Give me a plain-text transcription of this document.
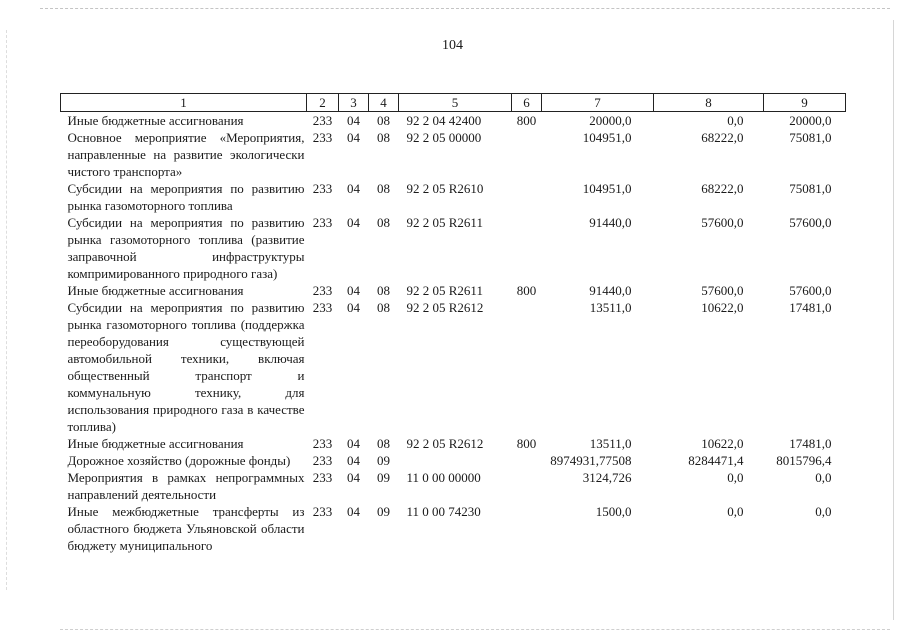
104
1	2	3	4	5	6	7	8	9
Иные бюджетные ассигнования	233	04	08	92 2 04 42400	800	20000,0	0,0	20000,0
Основное мероприятие «Мероприятия, направленные на развитие экологически чистого транспорта»	233	04	08	92 2 05 00000		104951,0	68222,0	75081,0
Субсидии на мероприятия по развитию рынка газомоторного топлива	233	04	08	92 2 05 R2610		104951,0	68222,0	75081,0
Субсидии на мероприятия по развитию рынка газомоторного топлива (развитие заправочной инфраструктуры компримированного природного газа)	233	04	08	92 2 05 R2611		91440,0	57600,0	57600,0
Иные бюджетные ассигнования	233	04	08	92 2 05 R2611	800	91440,0	57600,0	57600,0
Субсидии на мероприятия по развитию рынка газомоторного топлива (поддержка переоборудования существующей автомобильной техники, включая общественный транспорт и коммунальную технику, для использования природного газа в качестве топлива)	233	04	08	92 2 05 R2612		13511,0	10622,0	17481,0
Иные бюджетные ассигнования	233	04	08	92 2 05 R2612	800	13511,0	10622,0	17481,0
Дорожное хозяйство (дорожные фонды)	233	04	09			8974931,77508	8284471,4	8015796,4
Мероприятия в рамках непрограммных направлений деятельности	233	04	09	11 0 00 00000		3124,726	0,0	0,0
Иные межбюджетные трансферты из областного бюджета Ульяновской области бюджету муниципального	233	04	09	11 0 00 74230		1500,0	0,0	0,0
